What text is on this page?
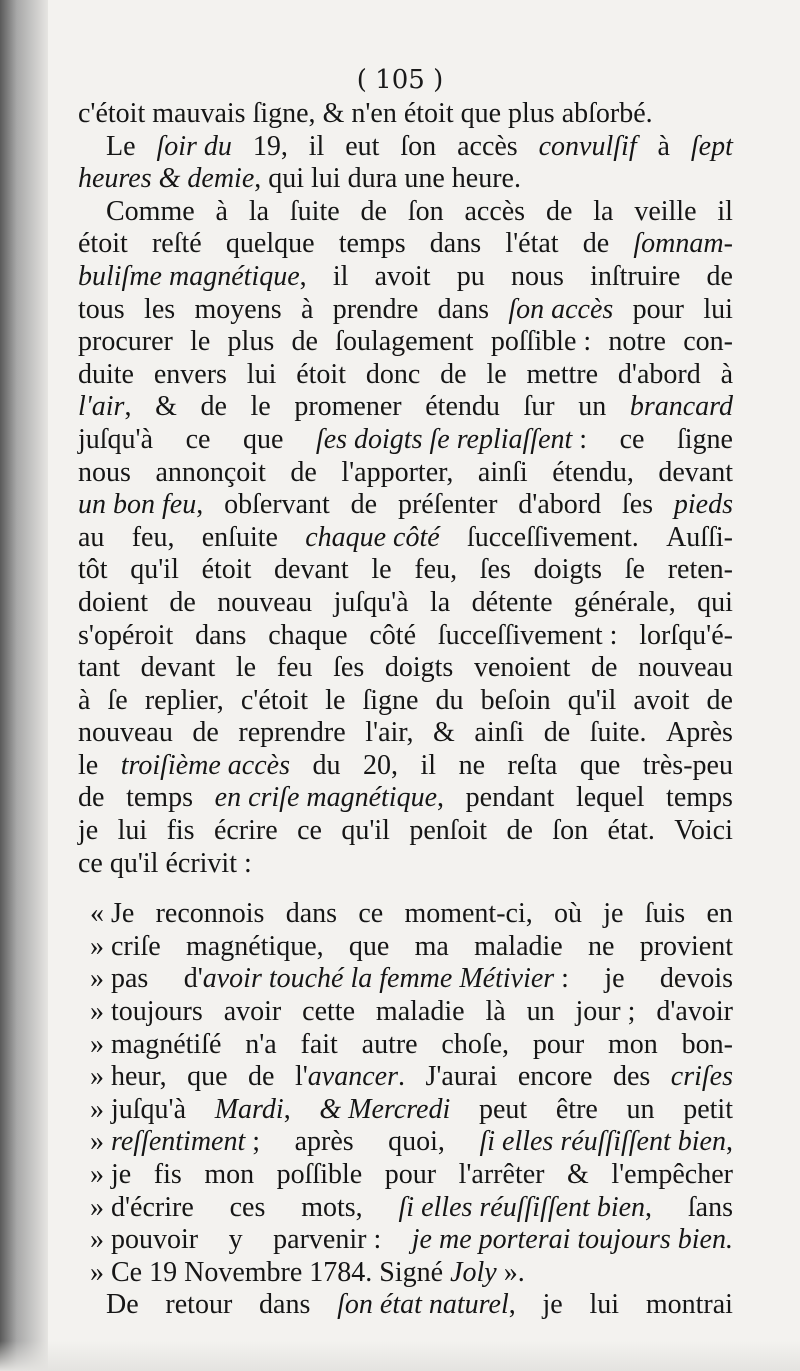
( 105 )
c'étoit mauvais ſigne, & n'en étoit que plus abſorbé.
Le ſoir du 19, il eut ſon accès convulſif à ſept
heures & demie, qui lui dura une heure.
Comme à la ſuite de ſon accès de la veille il
étoit reſté quelque temps dans l'état de ſomnam-
buliſme magnétique, il avoit pu nous inſtruire de
tous les moyens à prendre dans ſon accès pour lui
procurer le plus de ſoulagement poſſible : notre con-
duite envers lui étoit donc de le mettre d'abord à
l'air, & de le promener étendu ſur un brancard
juſqu'à ce que ſes doigts ſe repliaſſent : ce ſigne
nous annonçoit de l'apporter, ainſi étendu, devant
un bon feu, obſervant de préſenter d'abord ſes pieds
au feu, enſuite chaque côté ſucceſſivement. Auſſi-
tôt qu'il étoit devant le feu, ſes doigts ſe reten-
doient de nouveau juſqu'à la détente générale, qui
s'opéroit dans chaque côté ſucceſſivement : lorſqu'é-
tant devant le feu ſes doigts venoient de nouveau
à ſe replier, c'étoit le ſigne du beſoin qu'il avoit de
nouveau de reprendre l'air, & ainſi de ſuite. Après
le troiſième accès du 20, il ne reſta que très-peu
de temps en criſe magnétique, pendant lequel temps
je lui fis écrire ce qu'il penſoit de ſon état. Voici
ce qu'il écrivit :
« Je reconnois dans ce moment-ci, où je ſuis en
» criſe magnétique, que ma maladie ne provient
» pas d'avoir touché la femme Métivier : je devois
» toujours avoir cette maladie là un jour ; d'avoir
» magnétiſé n'a fait autre choſe, pour mon bon-
» heur, que de l'avancer. J'aurai encore des criſes
» juſqu'à Mardi, & Mercredi peut être un petit
» reſſentiment ; après quoi, ſi elles réuſſiſſent bien,
» je fis mon poſſible pour l'arrêter & l'empêcher
» d'écrire ces mots, ſi elles réuſſiſſent bien, ſans
» pouvoir y parvenir : je me porterai toujours bien.
» Ce 19 Novembre 1784. Signé Joly ».
De retour dans ſon état naturel, je lui montrai
